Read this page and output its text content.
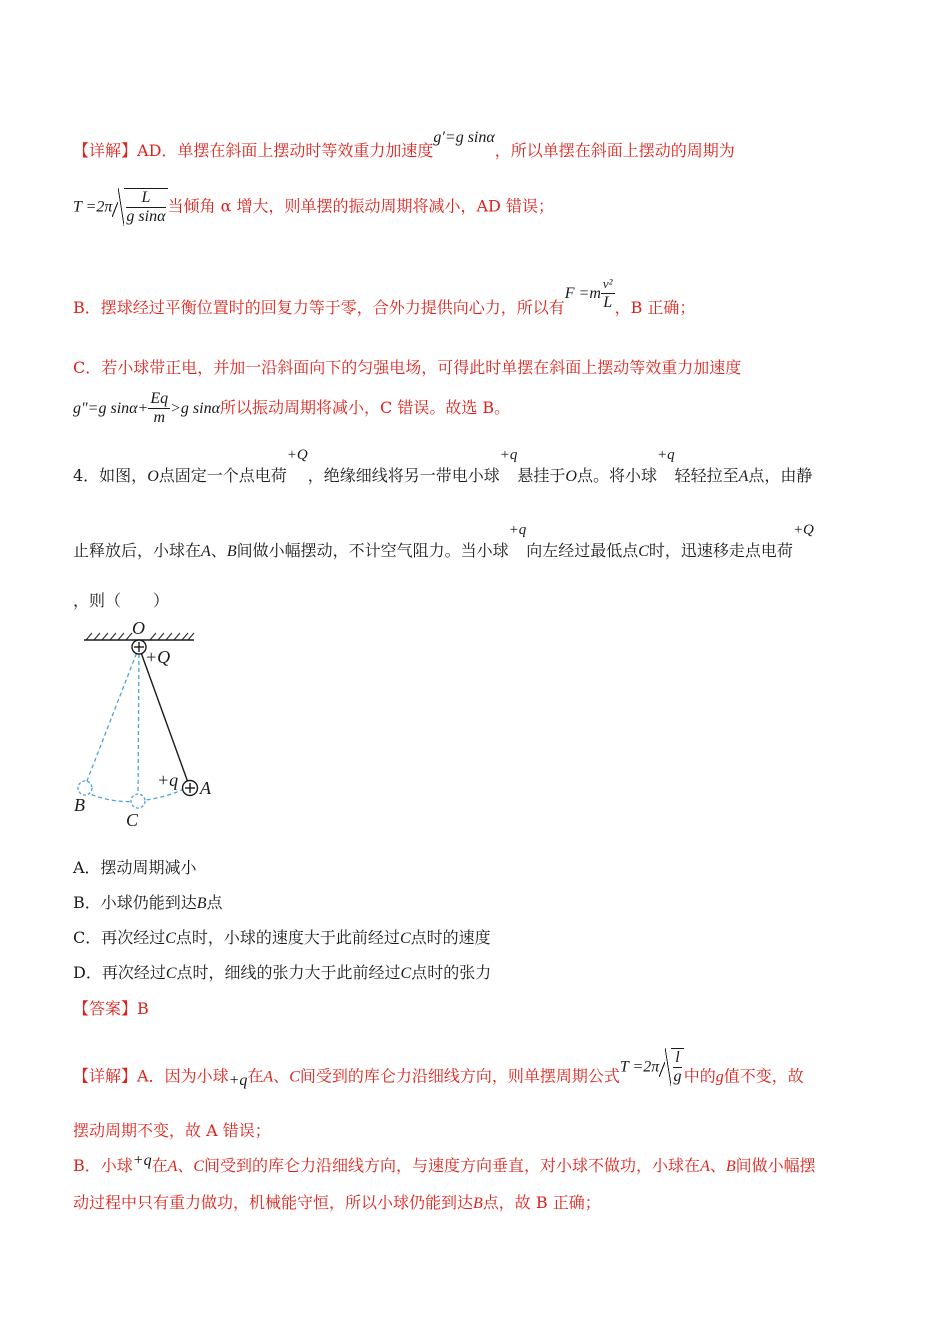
【详解】AD．单摆在斜面上摆动时等效重力加速度g′=g sinα，所以单摆在斜面上摆动的周期为
$T =2\pi \frac{L}{\text{g sinα}}$ 当倾角 α 增大，则单摆的振动周期将减小，AD 错误；
B．摆球经过平衡位置时的回复力等于零，合外力提供向心力，所以有$F =m \frac{\text{v²}}{L}$ ，B 正确；
C．若小球带正电，并加一沿斜面向下的匀强电场，可得此时单摆在斜面上摆动等效重力加速度
g″=g $\sin\alpha+ \frac{Eq}{m} >g$ sinα所以振动周期将减小，C 错误。故选 B。
4．如图，O点固定一个点电荷+Q，绝缘细线将另一带电小球+q悬挂于O点。将小球+q轻轻拉至A点，由静
止释放后，小球在A、B间做小幅摆动，不计空气阻力。当小球+q向左经过最低点C时，迅速移走点电荷+Q
，则（　　）
O
+Q
+q A
B
C
A．摆动周期减小
B．小球仍能到达B点
C．再次经过C点时，小球的速度大于此前经过C点时的速度
D．再次经过C点时，细线的张力大于此前经过C点时的张力
【答案】B
【详解】A．因为小球+q在A、C间受到的库仑力沿细线方向，则单摆周期公式$T =2\pi \frac{l}{g}$ 中的g值不变，故
摆动周期不变，故 A 错误；
B．小球+q在A、C间受到的库仑力沿细线方向，与速度方向垂直，对小球不做功，小球在A、B间做小幅摆
动过程中只有重力做功，机械能守恒，所以小球仍能到达B点，故 B 正确；
